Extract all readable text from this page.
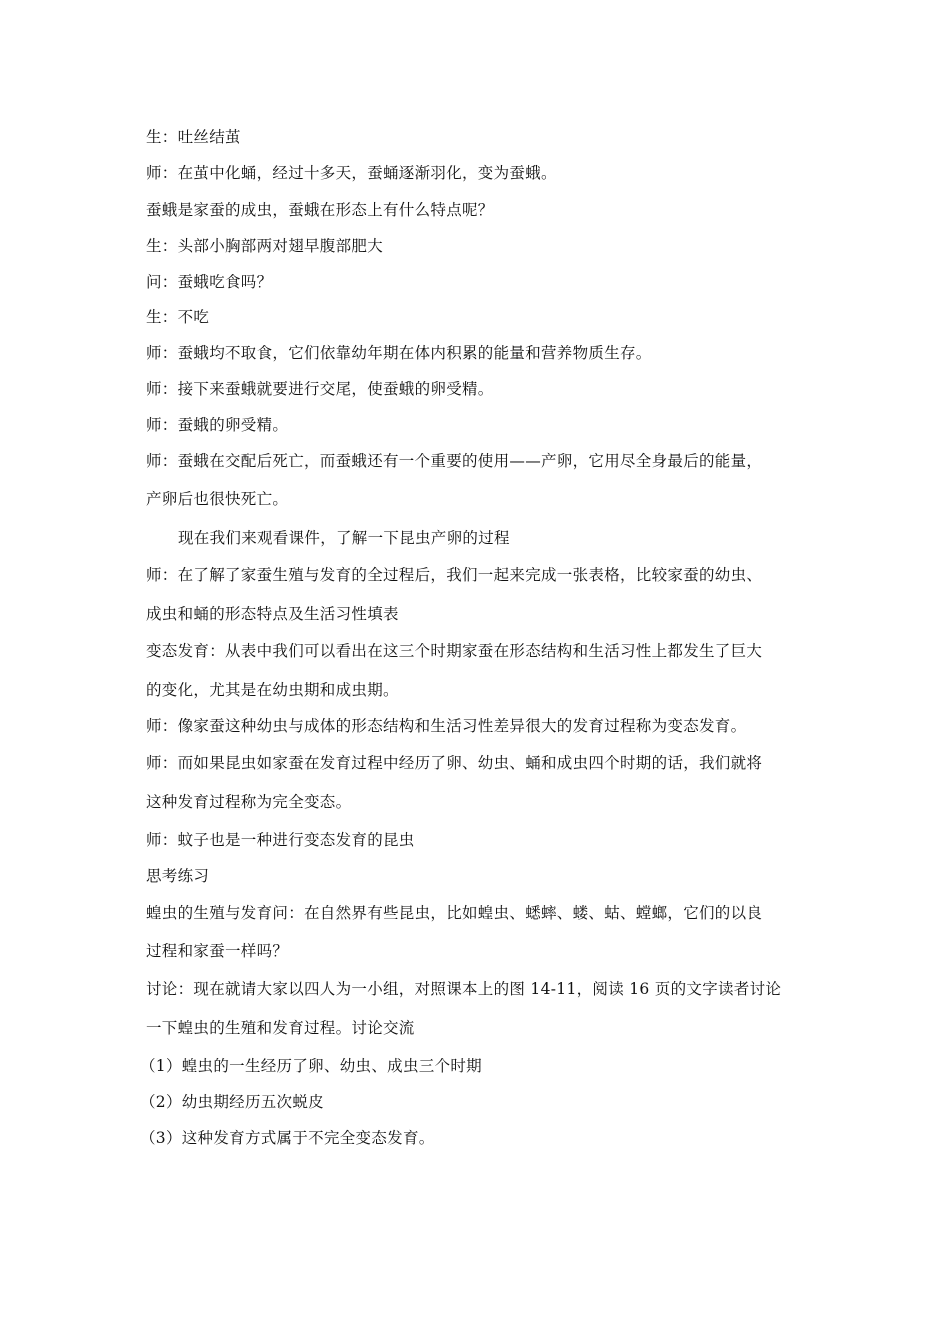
生：吐丝结茧
师：在茧中化蛹，经过十多天，蚕蛹逐渐羽化，变为蚕蛾。
蚕蛾是家蚕的成虫，蚕蛾在形态上有什么特点呢？
生：头部小胸部两对翅早腹部肥大
问：蚕蛾吃食吗？
生：不吃
师：蚕蛾均不取食，它们依靠幼年期在体内积累的能量和营养物质生存。
师：接下来蚕蛾就要进行交尾，使蚕蛾的卵受精。
师：蚕蛾的卵受精。
师：蚕蛾在交配后死亡，而蚕蛾还有一个重要的使用——产卵，它用尽全身最后的能量，
产卵后也很快死亡。
现在我们来观看课件，了解一下昆虫产卵的过程
师：在了解了家蚕生殖与发育的全过程后，我们一起来完成一张表格，比较家蚕的幼虫、
成虫和蛹的形态特点及生活习性填表
变态发育：从表中我们可以看出在这三个时期家蚕在形态结构和生活习性上都发生了巨大
的变化，尤其是在幼虫期和成虫期。
师：像家蚕这种幼虫与成体的形态结构和生活习性差异很大的发育过程称为变态发育。
师：而如果昆虫如家蚕在发育过程中经历了卵、幼虫、蛹和成虫四个时期的话，我们就将
这种发育过程称为完全变态。
师：蚊子也是一种进行变态发育的昆虫
思考练习
蝗虫的生殖与发育问：在自然界有些昆虫，比如蝗虫、蟋蟀、蝼、蛄、螳螂，它们的以良
过程和家蚕一样吗？
讨论：现在就请大家以四人为一小组，对照课本上的图 14-11，阅读 16 页的文字读者讨论
一下蝗虫的生殖和发育过程。讨论交流
（1）蝗虫的一生经历了卵、幼虫、成虫三个时期
（2）幼虫期经历五次蜕皮
（3）这种发育方式属于不完全变态发育。
